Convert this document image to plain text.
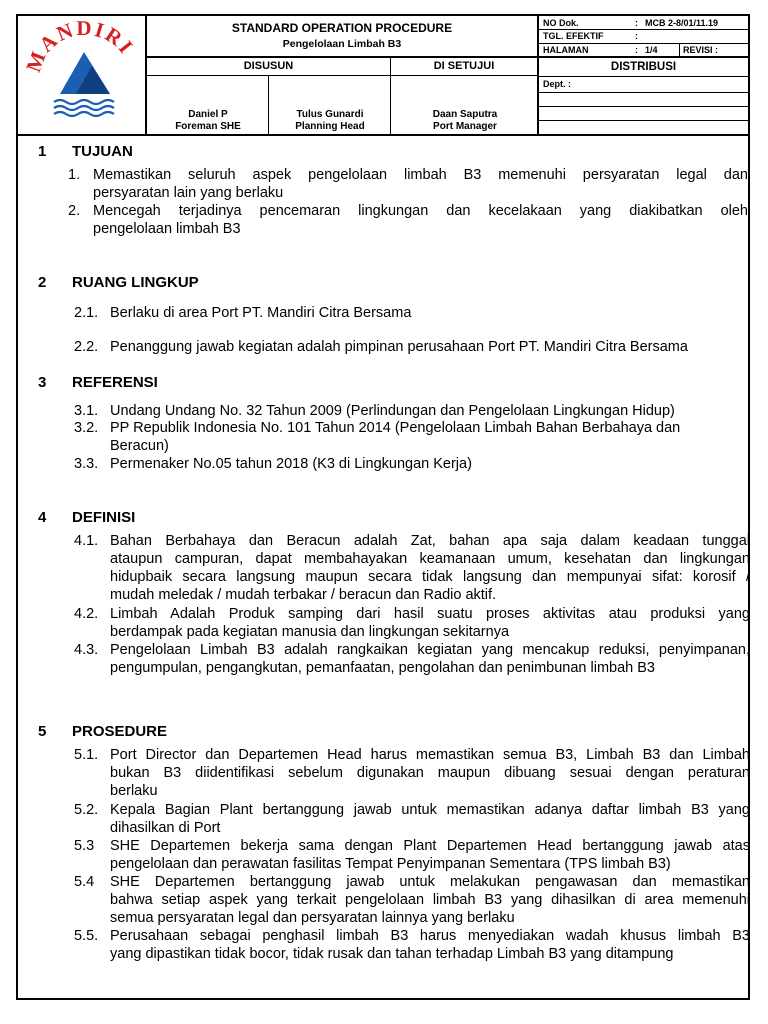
MANDIRI
STANDARD OPERATION PROCEDURE
Pengelolaan Limbah B3
NO Dok.	: MCB 2-8/01/11.19
TGL. EFEKTIF	:
HALAMAN	: 1/4	REVISI :
DISUSUN	DI SETUJUI
Daniel P
Foreman SHE
Tulus Gunardi
Planning Head
Daan Saputra
Port Manager
DISTRIBUSI
Dept. :
1 TUJUAN
1. Memastikan seluruh aspek pengelolaan limbah B3 memenuhi persyaratan legal dan
persyaratan lain yang berlaku
2. Mencegah terjadinya pencemaran lingkungan dan kecelakaan yang diakibatkan oleh
pengelolaan limbah B3
2 RUANG LINGKUP
2.1. Berlaku di area Port PT. Mandiri Citra Bersama
2.2. Penanggung jawab kegiatan adalah pimpinan perusahaan Port PT. Mandiri Citra Bersama
3 REFERENSI
3.1. Undang Undang No. 32 Tahun 2009 (Perlindungan dan Pengelolaan Lingkungan Hidup)
3.2. PP Republik Indonesia No. 101 Tahun 2014 (Pengelolaan Limbah Bahan Berbahaya dan
Beracun)
3.3. Permenaker No.05 tahun 2018 (K3 di Lingkungan Kerja)
4 DEFINISI
4.1. Bahan Berbahaya dan Beracun adalah Zat, bahan apa saja dalam keadaan tunggal
ataupun campuran, dapat membahayakan keamanaan umum, kesehatan dan lingkungan
hidupbaik secara langsung maupun secara tidak langsung dan mempunyai sifat: korosif /
mudah meledak / mudah terbakar / beracun dan Radio aktif.
4.2. Limbah Adalah Produk samping dari hasil suatu proses aktivitas atau produksi yang
berdampak pada kegiatan manusia dan lingkungan sekitarnya
4.3. Pengelolaan Limbah B3 adalah rangkaikan kegiatan yang mencakup reduksi, penyimpanan,
pengumpulan, pengangkutan, pemanfaatan, pengolahan dan penimbunan limbah B3
5 PROSEDURE
5.1. Port Director dan Departemen Head harus memastikan semua B3, Limbah B3 dan Limbah
bukan B3 diidentifikasi sebelum digunakan maupun dibuang sesuai dengan peraturan
berlaku
5.2. Kepala Bagian Plant bertanggung jawab untuk memastikan adanya daftar limbah B3 yang
dihasilkan di Port
5.3 SHE Departemen bekerja sama dengan Plant Departemen Head bertanggung jawab atas
pengelolaan dan perawatan fasilitas Tempat Penyimpanan Sementara (TPS limbah B3)
5.4 SHE Departemen bertanggung jawab untuk melakukan pengawasan dan memastikan
bahwa setiap aspek yang terkait pengelolaan limbah B3 yang dihasilkan di area memenuhi
semua persyaratan legal dan persyaratan lainnya yang berlaku
5.5. Perusahaan sebagai penghasil limbah B3 harus menyediakan wadah khusus limbah B3
yang dipastikan tidak bocor, tidak rusak dan tahan terhadap Limbah B3 yang ditampung
